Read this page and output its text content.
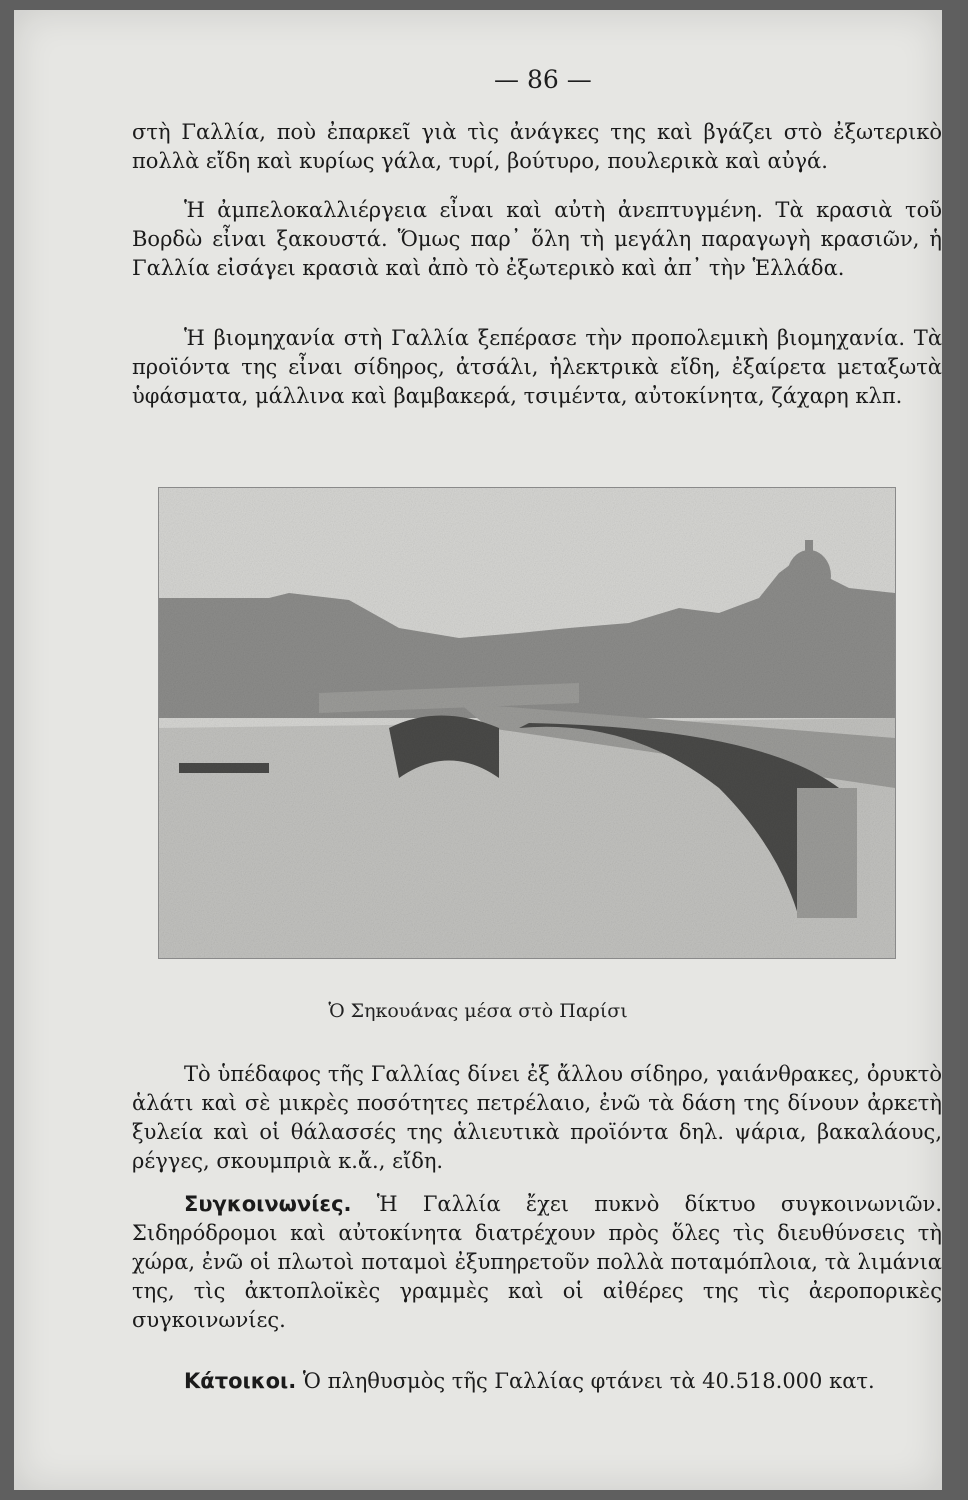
— 86 —

στὴ Γαλλία, ποὺ ἐπαρκεῖ γιὰ τὶς ἀνάγκες της καὶ βγάζει στὸ ἐξωτερικὸ πολλὰ εἴδη καὶ κυρίως γάλα, τυρί, βούτυρο, πουλερικὰ καὶ αὐγά.

Ἡ ἀμπελοκαλλιέργεια εἶναι καὶ αὐτὴ ἀνεπτυγμένη. Τὰ κρασιὰ τοῦ Βορδὼ εἶναι ξακουστά. Ὅμως παρ᾽ ὅλη τὴ μεγάλη παραγωγὴ κρασιῶν, ἡ Γαλλία εἰσάγει κρασιὰ καὶ ἀπὸ τὸ ἐξωτερικὸ καὶ ἀπ᾽ τὴν Ἑλλάδα.

Ἡ βιομηχανία στὴ Γαλλία ξεπέρασε τὴν προπολεμικὴ βιομηχανία. Τὰ προϊόντα της εἶναι σίδηρος, ἀτσάλι, ἠλεκτρικὰ εἴδη, ἐξαίρετα μεταξωτὰ ὑφάσματα, μάλλινα καὶ βαμβακερά, τσιμέντα, αὐτοκίνητα, ζάχαρη κλπ.

Ὁ Σηκουάνας μέσα στὸ Παρίσι

Τὸ ὑπέδαφος τῆς Γαλλίας δίνει ἐξ ἄλλου σίδηρο, γαιάνθρακες, ὀρυκτὸ ἁλάτι καὶ σὲ μικρὲς ποσότητες πετρέλαιο, ἐνῶ τὰ δάση της δίνουν ἀρκετὴ ξυλεία καὶ οἱ θάλασσές της ἁλιευτικὰ προϊόντα δηλ. ψάρια, βακαλάους, ρέγγες, σκουμπριὰ κ.ἄ., εἴδη.

Συγκοινωνίες. Ἡ Γαλλία ἔχει πυκνὸ δίκτυο συγκοινωνιῶν. Σιδηρόδρομοι καὶ αὐτοκίνητα διατρέχουν πρὸς ὅλες τὶς διευθύνσεις τὴ χώρα, ἐνῶ οἱ πλωτοὶ ποταμοὶ ἐξυπηρετοῦν πολλὰ ποταμόπλοια, τὰ λιμάνια της, τὶς ἀκτοπλοϊκὲς γραμμὲς καὶ οἱ αἰθέρες της τὶς ἀεροπορικὲς συγκοινωνίες.

Κάτοικοι. Ὁ πληθυσμὸς τῆς Γαλλίας φτάνει τὰ 40.518.000 κατ.
